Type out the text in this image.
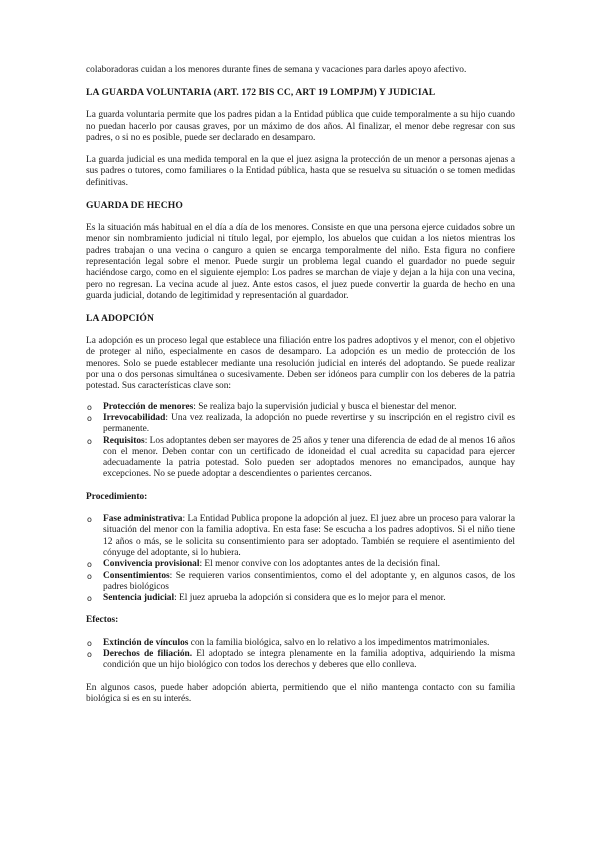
colaboradoras cuidan a los menores durante fines de semana y vacaciones para darles apoyo afectivo.

LA GUARDA VOLUNTARIA (ART. 172 BIS CC, ART 19 LOMPJM) Y JUDICIAL

La guarda voluntaria permite que los padres pidan a la Entidad pública que cuide temporalmente a su hijo cuando no puedan hacerlo por causas graves, por un máximo de dos años. Al finalizar, el menor debe regresar con sus padres, o si no es posible, puede ser declarado en desamparo.

La guarda judicial es una medida temporal en la que el juez asigna la protección de un menor a personas ajenas a sus padres o tutores, como familiares o la Entidad pública, hasta que se resuelva su situación o se tomen medidas definitivas.

GUARDA DE HECHO

Es la situación más habitual en el día a día de los menores. Consiste en que una persona ejerce cuidados sobre un menor sin nombramiento judicial ni título legal, por ejemplo, los abuelos que cuidan a los nietos mientras los padres trabajan o una vecina o canguro a quien se encarga temporalmente del niño. Esta figura no confiere representación legal sobre el menor. Puede surgir un problema legal cuando el guardador no puede seguir haciéndose cargo, como en el siguiente ejemplo: Los padres se marchan de viaje y dejan a la hija con una vecina, pero no regresan. La vecina acude al juez. Ante estos casos, el juez puede convertir la guarda de hecho en una guarda judicial, dotando de legitimidad y representación al guardador.

LA ADOPCIÓN

La adopción es un proceso legal que establece una filiación entre los padres adoptivos y el menor, con el objetivo de proteger al niño, especialmente en casos de desamparo. La adopción es un medio de protección de los menores. Solo se puede establecer mediante una resolución judicial en interés del adoptando. Se puede realizar por una o dos personas simultánea o sucesivamente. Deben ser idóneos para cumplir con los deberes de la patria potestad. Sus características clave son:

o Protección de menores: Se realiza bajo la supervisión judicial y busca el bienestar del menor.
o Irrevocabilidad: Una vez realizada, la adopción no puede revertirse y su inscripción en el registro civil es permanente.
o Requisitos: Los adoptantes deben ser mayores de 25 años y tener una diferencia de edad de al menos 16 años con el menor. Deben contar con un certificado de idoneidad el cual acredita su capacidad para ejercer adecuadamente la patria potestad. Solo pueden ser adoptados menores no emancipados, aunque hay excepciones. No se puede adoptar a descendientes o parientes cercanos.

Procedimiento:

o Fase administrativa: La Entidad Publica propone la adopción al juez. El juez abre un proceso para valorar la situación del menor con la familia adoptiva. En esta fase: Se escucha a los padres adoptivos. Si el niño tiene 12 años o más, se le solicita su consentimiento para ser adoptado. También se requiere el asentimiento del cónyuge del adoptante, si lo hubiera.
o Convivencia provisional: El menor convive con los adoptantes antes de la decisión final.
o Consentimientos: Se requieren varios consentimientos, como el del adoptante y, en algunos casos, de los padres biológicos
o Sentencia judicial: El juez aprueba la adopción si considera que es lo mejor para el menor.

Efectos:

o Extinción de vínculos con la familia biológica, salvo en lo relativo a los impedimentos matrimoniales.
o Derechos de filiación. El adoptado se integra plenamente en la familia adoptiva, adquiriendo la misma condición que un hijo biológico con todos los derechos y deberes que ello conlleva.

En algunos casos, puede haber adopción abierta, permitiendo que el niño mantenga contacto con su familia biológica si es en su interés.
